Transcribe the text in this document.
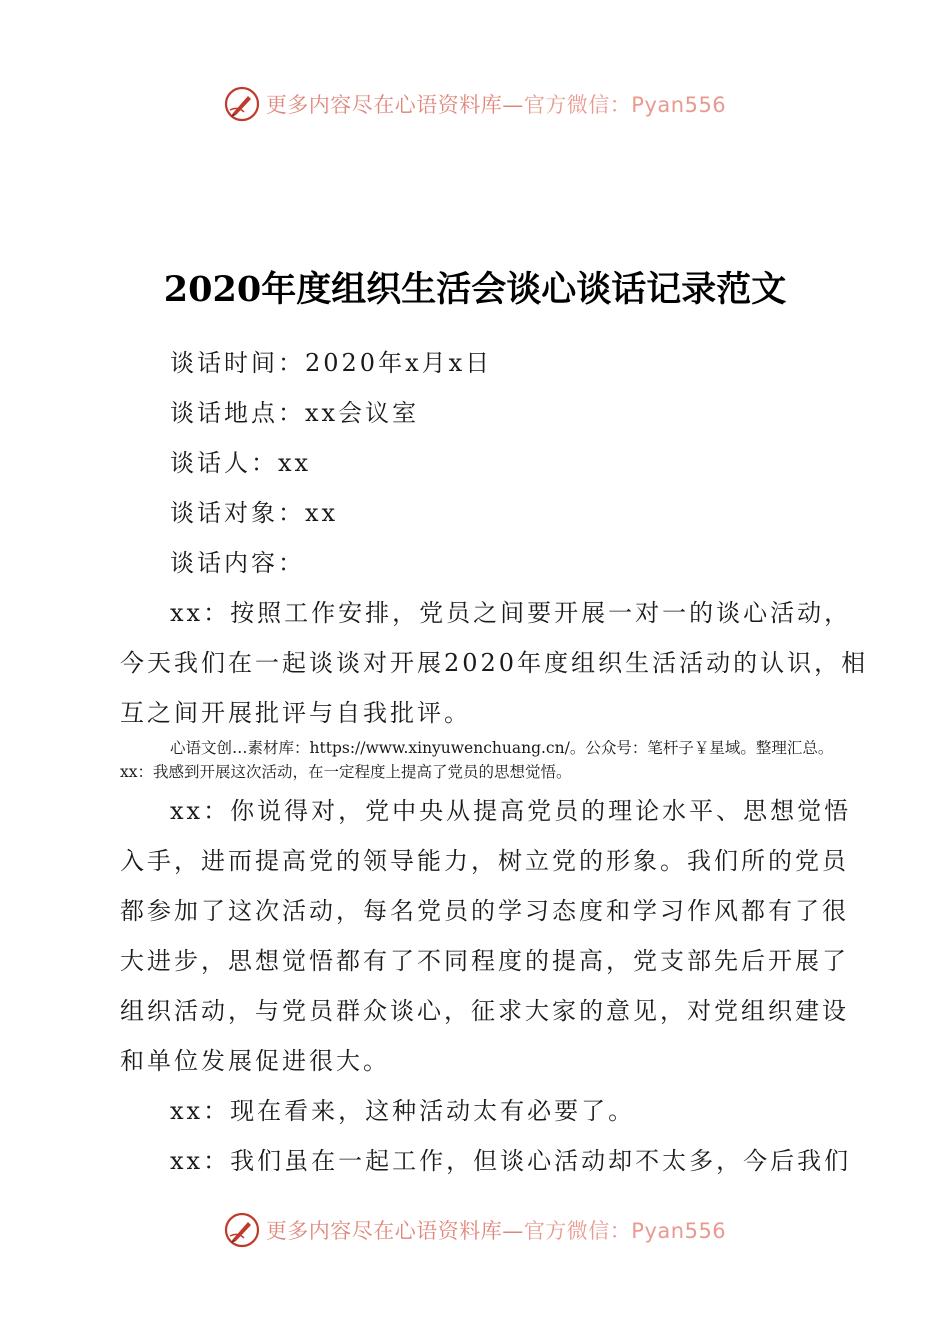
更多内容尽在心语资料库—官方微信：Pyan556
2020年度组织生活会谈心谈话记录范文
谈话时间：2020年x月x日
谈话地点：xx会议室
谈话人：xx
谈话对象：xx
谈话内容：
xx：按照工作安排，党员之间要开展一对一的谈心活动，
今天我们在一起谈谈对开展2020年度组织生活活动的认识，相
互之间开展批评与自我批评。
心语文创…素材库：https://www.xinyuwenchuang.cn/。公众号：笔杆子￥星域。整理汇总。
xx：我感到开展这次活动，在一定程度上提高了党员的思想觉悟。
xx：你说得对，党中央从提高党员的理论水平、思想觉悟
入手，进而提高党的领导能力，树立党的形象。我们所的党员
都参加了这次活动，每名党员的学习态度和学习作风都有了很
大进步，思想觉悟都有了不同程度的提高，党支部先后开展了
组织活动，与党员群众谈心，征求大家的意见，对党组织建设
和单位发展促进很大。
xx：现在看来，这种活动太有必要了。
xx：我们虽在一起工作，但谈心活动却不太多，今后我们
更多内容尽在心语资料库—官方微信：Pyan556
